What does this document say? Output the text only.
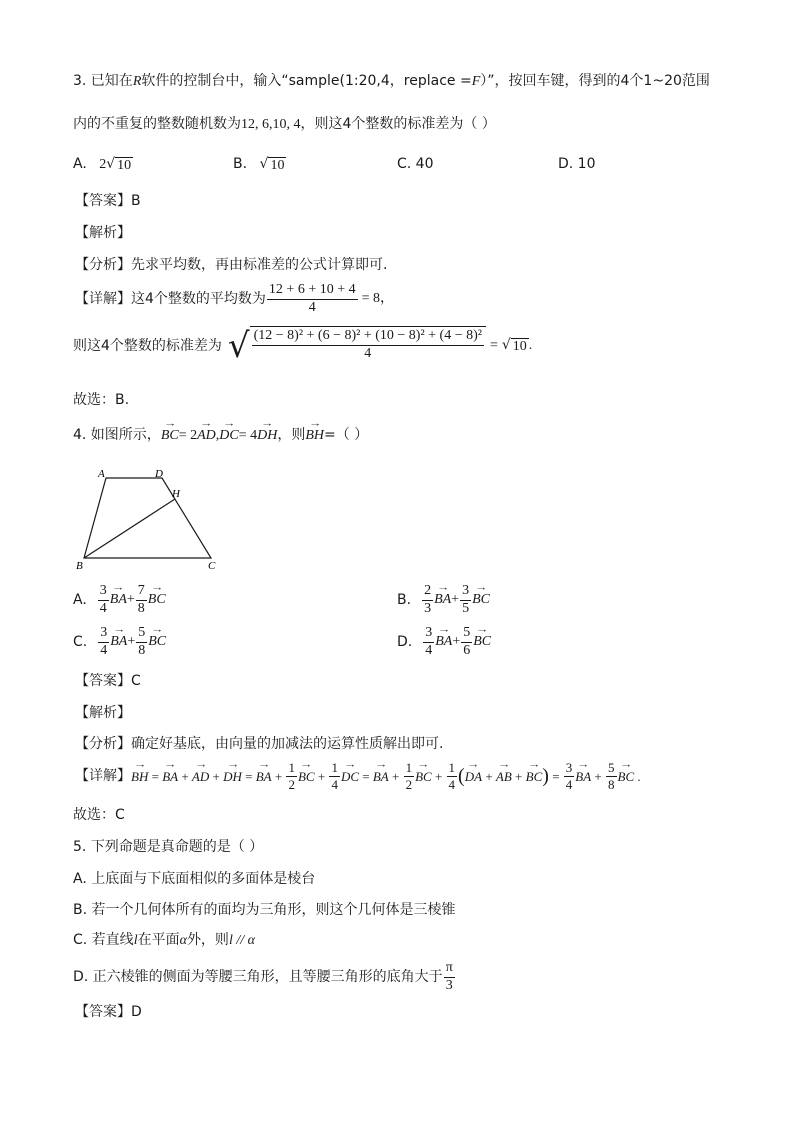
3. 已知在R软件的控制台中，输入“sample(1:20,4，replace =F）”，按回车键，得到的4个1~20范围
内的不重复的整数随机数为12, 6,10, 4，则这4个整数的标准差为（ ）
A. 2 √ 10	B. √ 10	C. 40	D. 10
【答案】B
【解析】
【分析】先求平均数，再由标准差的公式计算即可.
【详解】 这4个整数的平均数为 $\frac{12 + 6 + 10 + 4}{4} = 8$，
则这4个整数的标准差为 √ $\frac{\text{(12 − 8)² + (6 − 8)² + (10 − 8)² + (4 − 8)²}}{4}$ = √ 10 .
故选：B.
4. 如图所示， → BC = 2 → AD , → DC = 4 → DH ，则 → BH =（ ）
A	D
H
B	C
A. $\frac{3}{4}$ → BA + $\frac{7}{8}$ → BC	B. $\frac{2}{3}$ → BA + $\frac{3}{5}$ → BC
C. $\frac{3}{4}$ → BA + $\frac{5}{8}$ → BC	D. $\frac{3}{4}$ → BA + $\frac{5}{6}$ → BC
【答案】C
【解析】
【分析】确定好基底，由向量的加减法的运算性质解出即可.
【详解】 → BH = → BA + → AD + → DH = → BA + $\frac{1}{2}$ → BC + $\frac{1}{4}$ → DC = → BA + $\frac{1}{2}$ → BC + $\frac{1}{4}$ ( → DA + → AB + → BC ) = $\frac{3}{4}$ → BA + $\frac{5}{8}$ → BC .
故选：C
5. 下列命题是真命题的是（ ）
A. 上底面与下底面相似的多面体是棱台
B. 若一个几何体所有的面均为三角形，则这个几何体是三棱锥
C. 若直线l在平面α外，则l // α
D. 正六棱锥的侧面为等腰三角形，且等腰三角形的底角大于 $\frac{\pi}{3}$
【答案】D
